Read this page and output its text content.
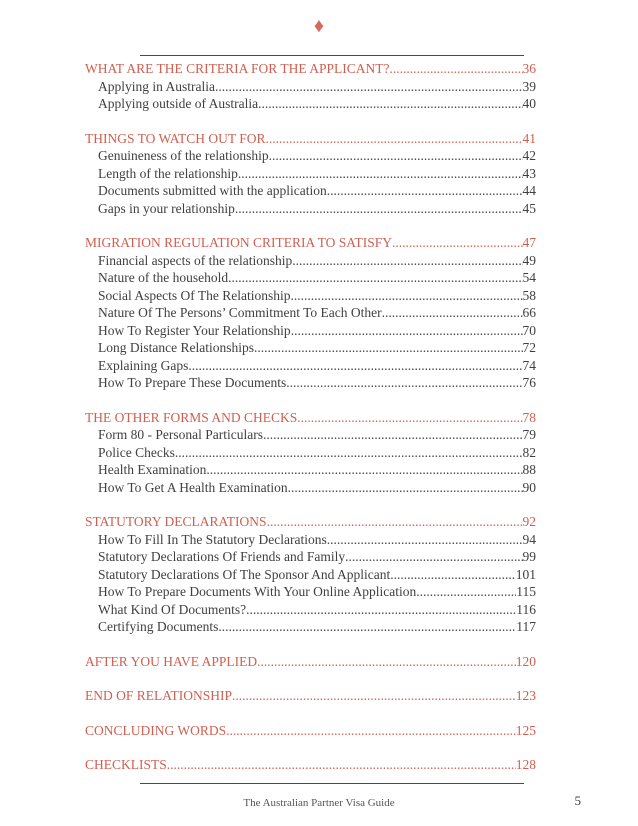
♦
WHAT ARE THE CRITERIA FOR THE APPLICANT? .....	36
Applying in Australia .....	39
Applying outside of Australia .....	40
THINGS TO WATCH OUT FOR .....	41
Genuineness of the relationship .....	42
Length of the relationship .....	43
Documents submitted with the application. .....	44
Gaps in your relationship .....	45
MIGRATION REGULATION CRITERIA TO SATISFY .....	47
Financial aspects of the relationship .....	49
Nature of the household .....	54
Social Aspects Of The Relationship .....	58
Nature Of The Persons’ Commitment To Each Other .....	66
How To Register Your Relationship .....	70
Long Distance Relationships .....	72
Explaining Gaps .....	74
How To Prepare These Documents .....	76
THE OTHER FORMS AND CHECKS .....	78
Form 80 - Personal Particulars .....	79
Police Checks .....	82
Health Examination .....	88
How To Get A Health Examination .....	90
STATUTORY DECLARATIONS .....	92
How To Fill In The Statutory Declarations .....	94
Statutory Declarations Of Friends and Family .....	99
Statutory Declarations Of The Sponsor And Applicant .....	101
How To Prepare Documents With Your Online Application .....	115
What Kind Of Documents? .....	116
Certifying Documents .....	117
AFTER YOU HAVE APPLIED .....	120
END OF RELATIONSHIP .....	123
CONCLUDING WORDS .....	125
CHECKLISTS .....	128
The Australian Partner Visa Guide	5
